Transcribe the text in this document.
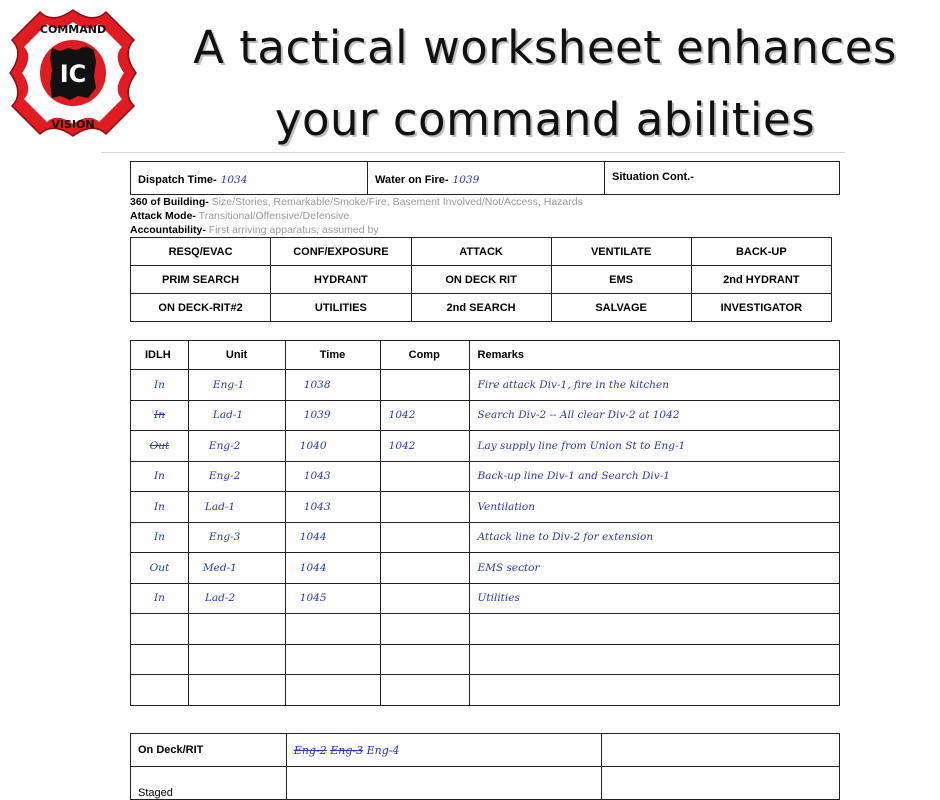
IC
COMMAND
VISION
A tactical worksheet enhances
your command abilities
Dispatch Time- 1034	Water on Fire- 1039	Situation Cont.-
360 of Building- Size/Stories, Remarkable/Smoke/Fire, Basement Involved/Not/Access, Hazards
Attack Mode- Transitional/Offensive/Defensive
Accountability- First arriving apparatus, assumed by
RESQ/EVAC	CONF/EXPOSURE	ATTACK	VENTILATE	BACK-UP
PRIM SEARCH	HYDRANT	ON DECK RIT	EMS	2nd HYDRANT
ON DECK-RIT#2	UTILITIES	2nd SEARCH	SALVAGE	INVESTIGATOR
IDLH	Unit	Time	Comp	Remarks
In	Eng-1	1038		Fire attack Div-1, fire in the kitchen
In	Lad-1	1039	1042	Search Div-2 -- All clear Div-2 at 1042
Out	Eng-2	1040	1042	Lay supply line from Union St to Eng-1
In	Eng-2	1043		Back-up line Div-1 and Search Div-1
In	Lad-1	1043		Ventilation
In	Eng-3	1044		Attack line to Div-2 for extension
Out	Med-1	1044		EMS sector
In	Lad-2	1045		Utilities

On Deck/RIT	Eng-2 Eng-3 Eng-4	
Staged		
